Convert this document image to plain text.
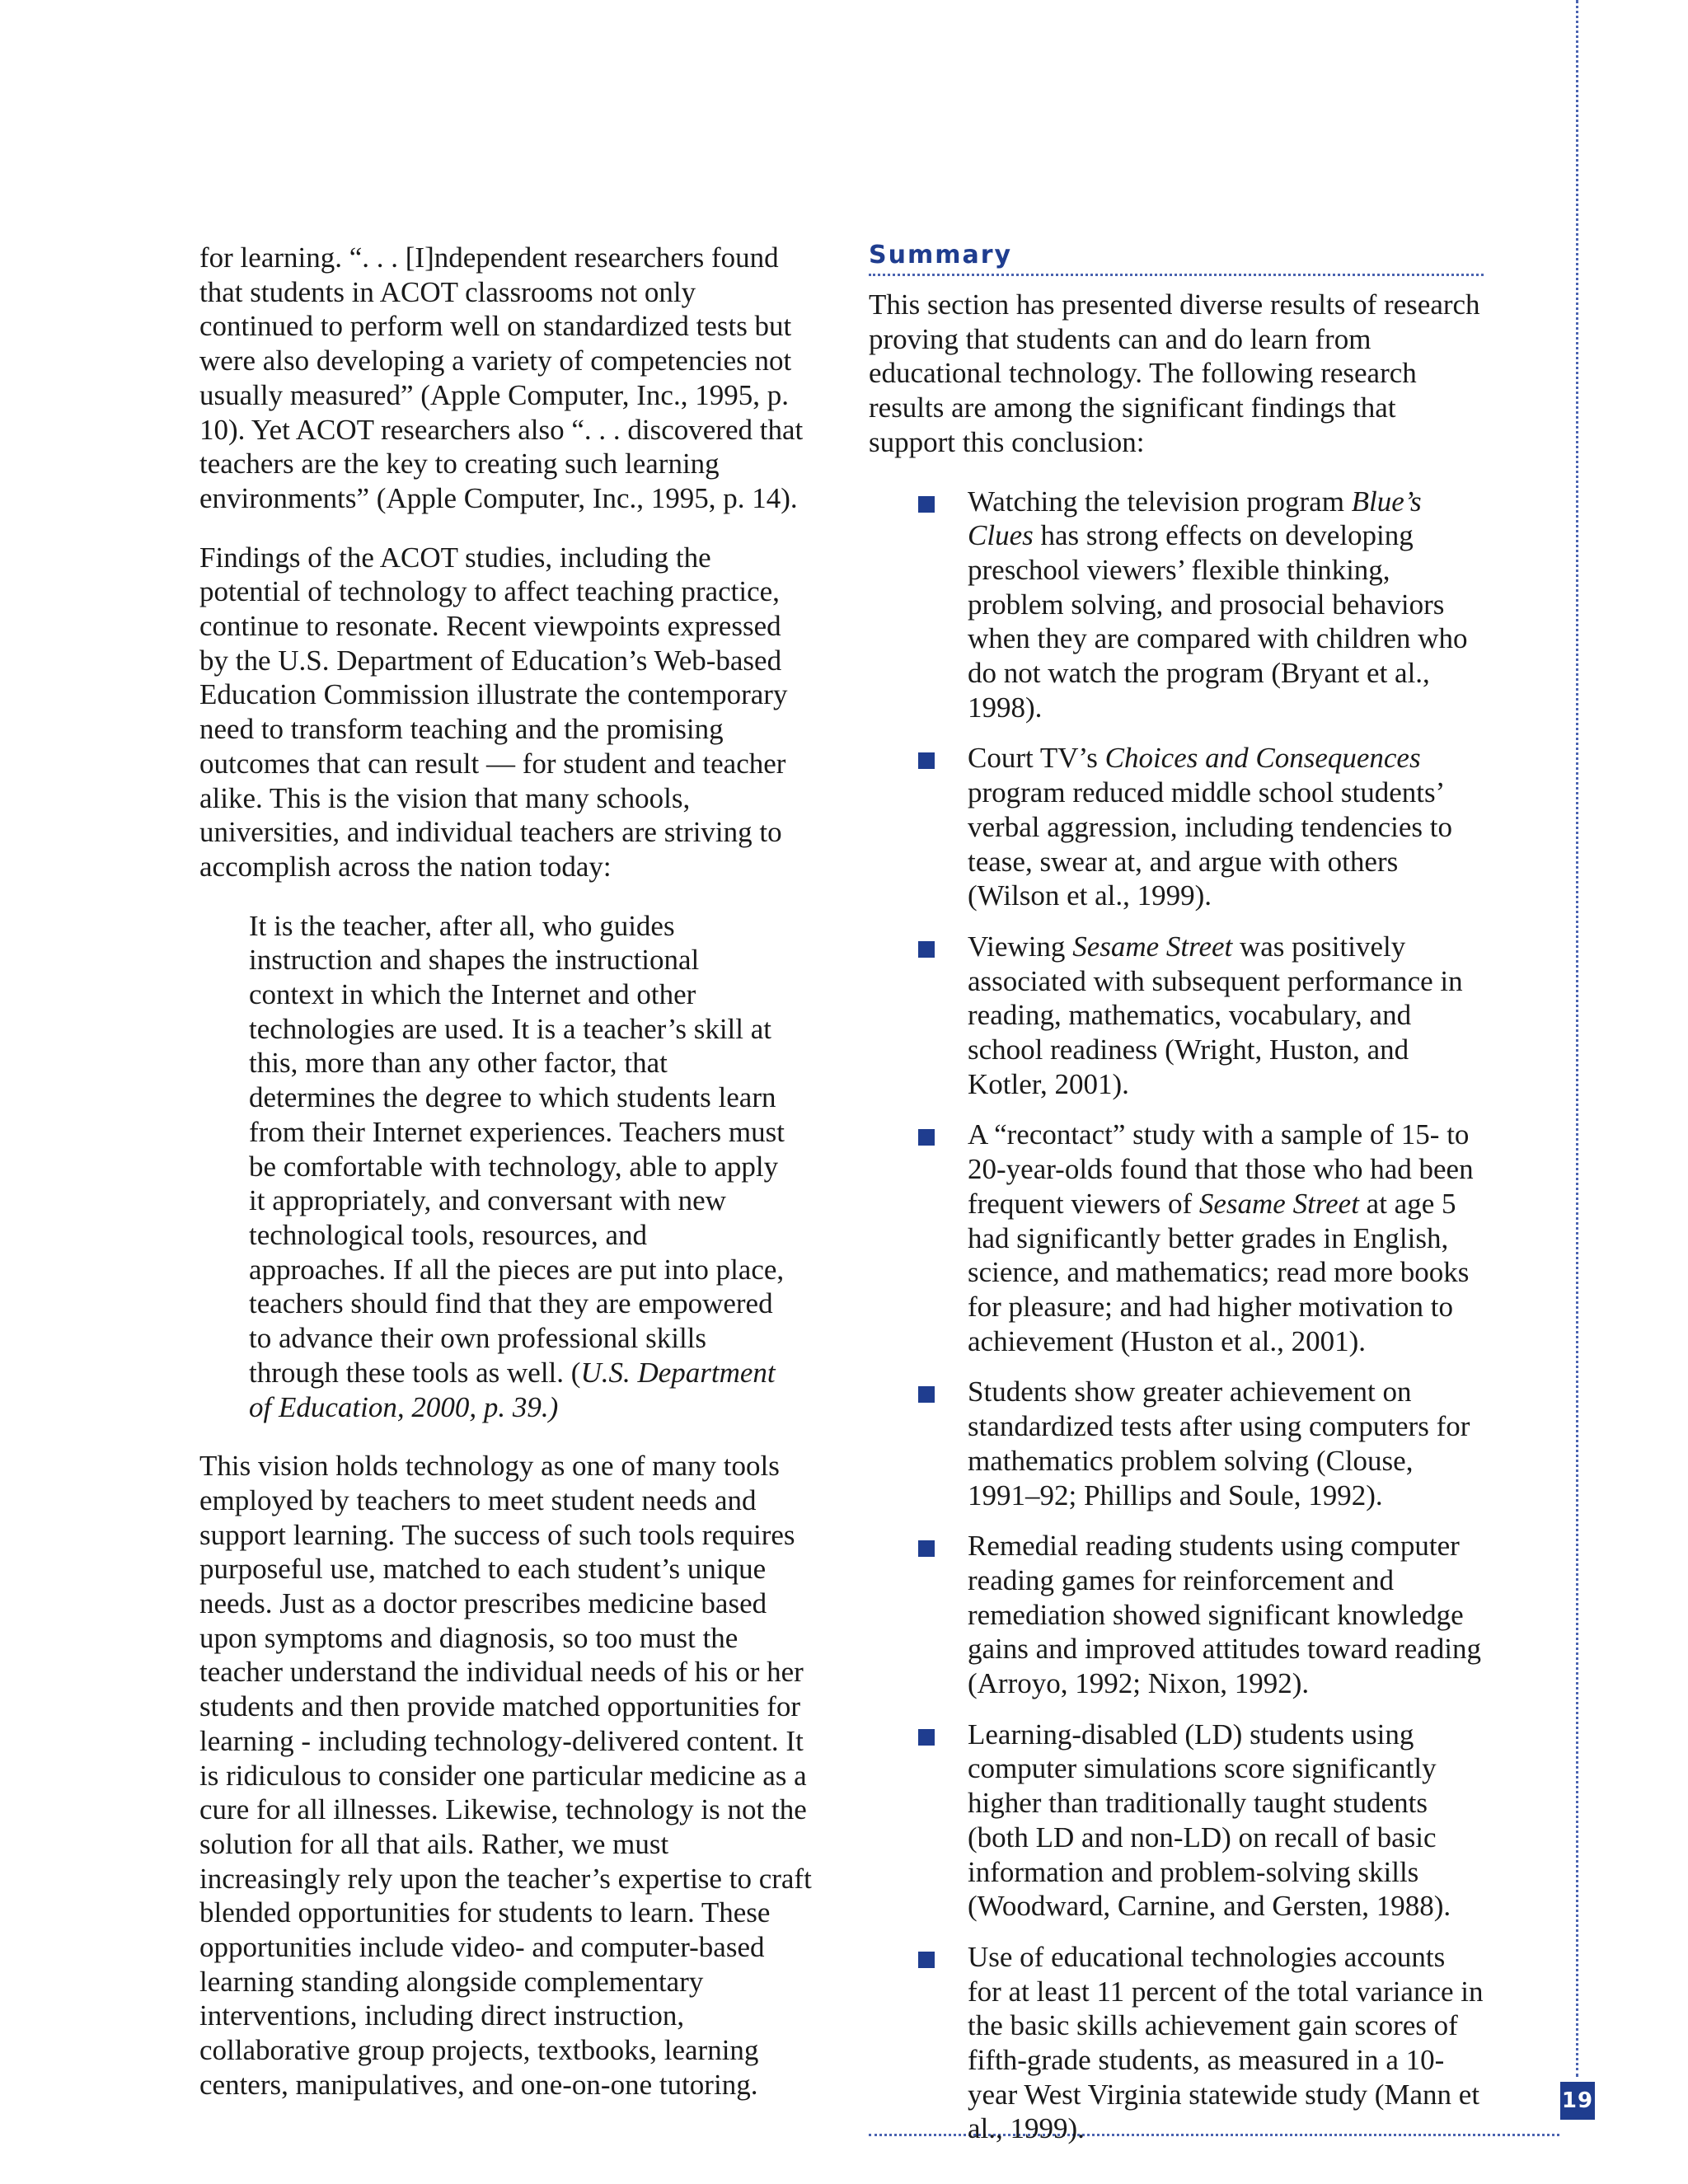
19

for learning. “. . . [I]ndependent researchers found that students in ACOT classrooms not only continued to perform well on standardized tests but were also developing a variety of competencies not usually measured” (Apple Computer, Inc., 1995, p. 10). Yet ACOT researchers also “. . . discovered that teachers are the key to creating such learning environments” (Apple Computer, Inc., 1995, p. 14).

Findings of the ACOT studies, including the potential of technology to affect teaching practice, continue to resonate. Recent viewpoints expressed by the U.S. Department of Education’s Web-based Education Commission illustrate the contemporary need to transform teaching and the promising outcomes that can result — for student and teacher alike. This is the vision that many schools, universities, and individual teachers are striving to accomplish across the nation today:

It is the teacher, after all, who guides instruction and shapes the instructional context in which the Internet and other technologies are used. It is a teacher’s skill at this, more than any other factor, that determines the degree to which students learn from their Internet experiences. Teachers must be comfortable with technology, able to apply it appropriately, and conversant with new technological tools, resources, and approaches. If all the pieces are put into place, teachers should find that they are empowered to advance their own professional skills through these tools as well. (U.S. Department of Education, 2000, p. 39.)

This vision holds technology as one of many tools employed by teachers to meet student needs and support learning. The success of such tools requires purposeful use, matched to each student’s unique needs. Just as a doctor prescribes medicine based upon symptoms and diagnosis, so too must the teacher understand the individual needs of his or her students and then provide matched opportunities for learning - including technology-delivered content. It is ridiculous to consider one particular medicine as a cure for all illnesses. Likewise, technology is not the solution for all that ails. Rather, we must increasingly rely upon the teacher’s expertise to craft blended opportunities for students to learn. These opportunities include video- and computer-based learning standing alongside complementary interventions, including direct instruction, collaborative group projects, textbooks, learning centers, manipulatives, and one-on-one tutoring.

Summary

This section has presented diverse results of research proving that students can and do learn from educational technology. The following research results are among the significant findings that support this conclusion:

Watching the television program Blue’s Clues has strong effects on developing preschool viewers’ flexible thinking, problem solving, and prosocial behaviors when they are compared with children who do not watch the program (Bryant et al., 1998).
Court TV’s Choices and Consequences program reduced middle school students’ verbal aggression, including tendencies to tease, swear at, and argue with others (Wilson et al., 1999).
Viewing Sesame Street was positively associated with subsequent performance in reading, mathematics, vocabulary, and school readiness (Wright, Huston, and Kotler, 2001).
A “recontact” study with a sample of 15- to 20-year-olds found that those who had been frequent viewers of Sesame Street at age 5 had significantly better grades in English, science, and mathematics; read more books for pleasure; and had higher motivation to achievement (Huston et al., 2001).
Students show greater achievement on standardized tests after using computers for mathematics problem solving (Clouse, 1991–92; Phillips and Soule, 1992).
Remedial reading students using computer reading games for reinforcement and remediation showed significant knowledge gains and improved attitudes toward reading (Arroyo, 1992; Nixon, 1992).
Learning-disabled (LD) students using computer simulations score significantly higher than traditionally taught students (both LD and non-LD) on recall of basic information and problem-solving skills (Woodward, Carnine, and Gersten, 1988).
Use of educational technologies accounts for at least 11 percent of the total variance in the basic skills achievement gain scores of fifth-grade students, as measured in a 10-year West Virginia statewide study (Mann et al., 1999).
